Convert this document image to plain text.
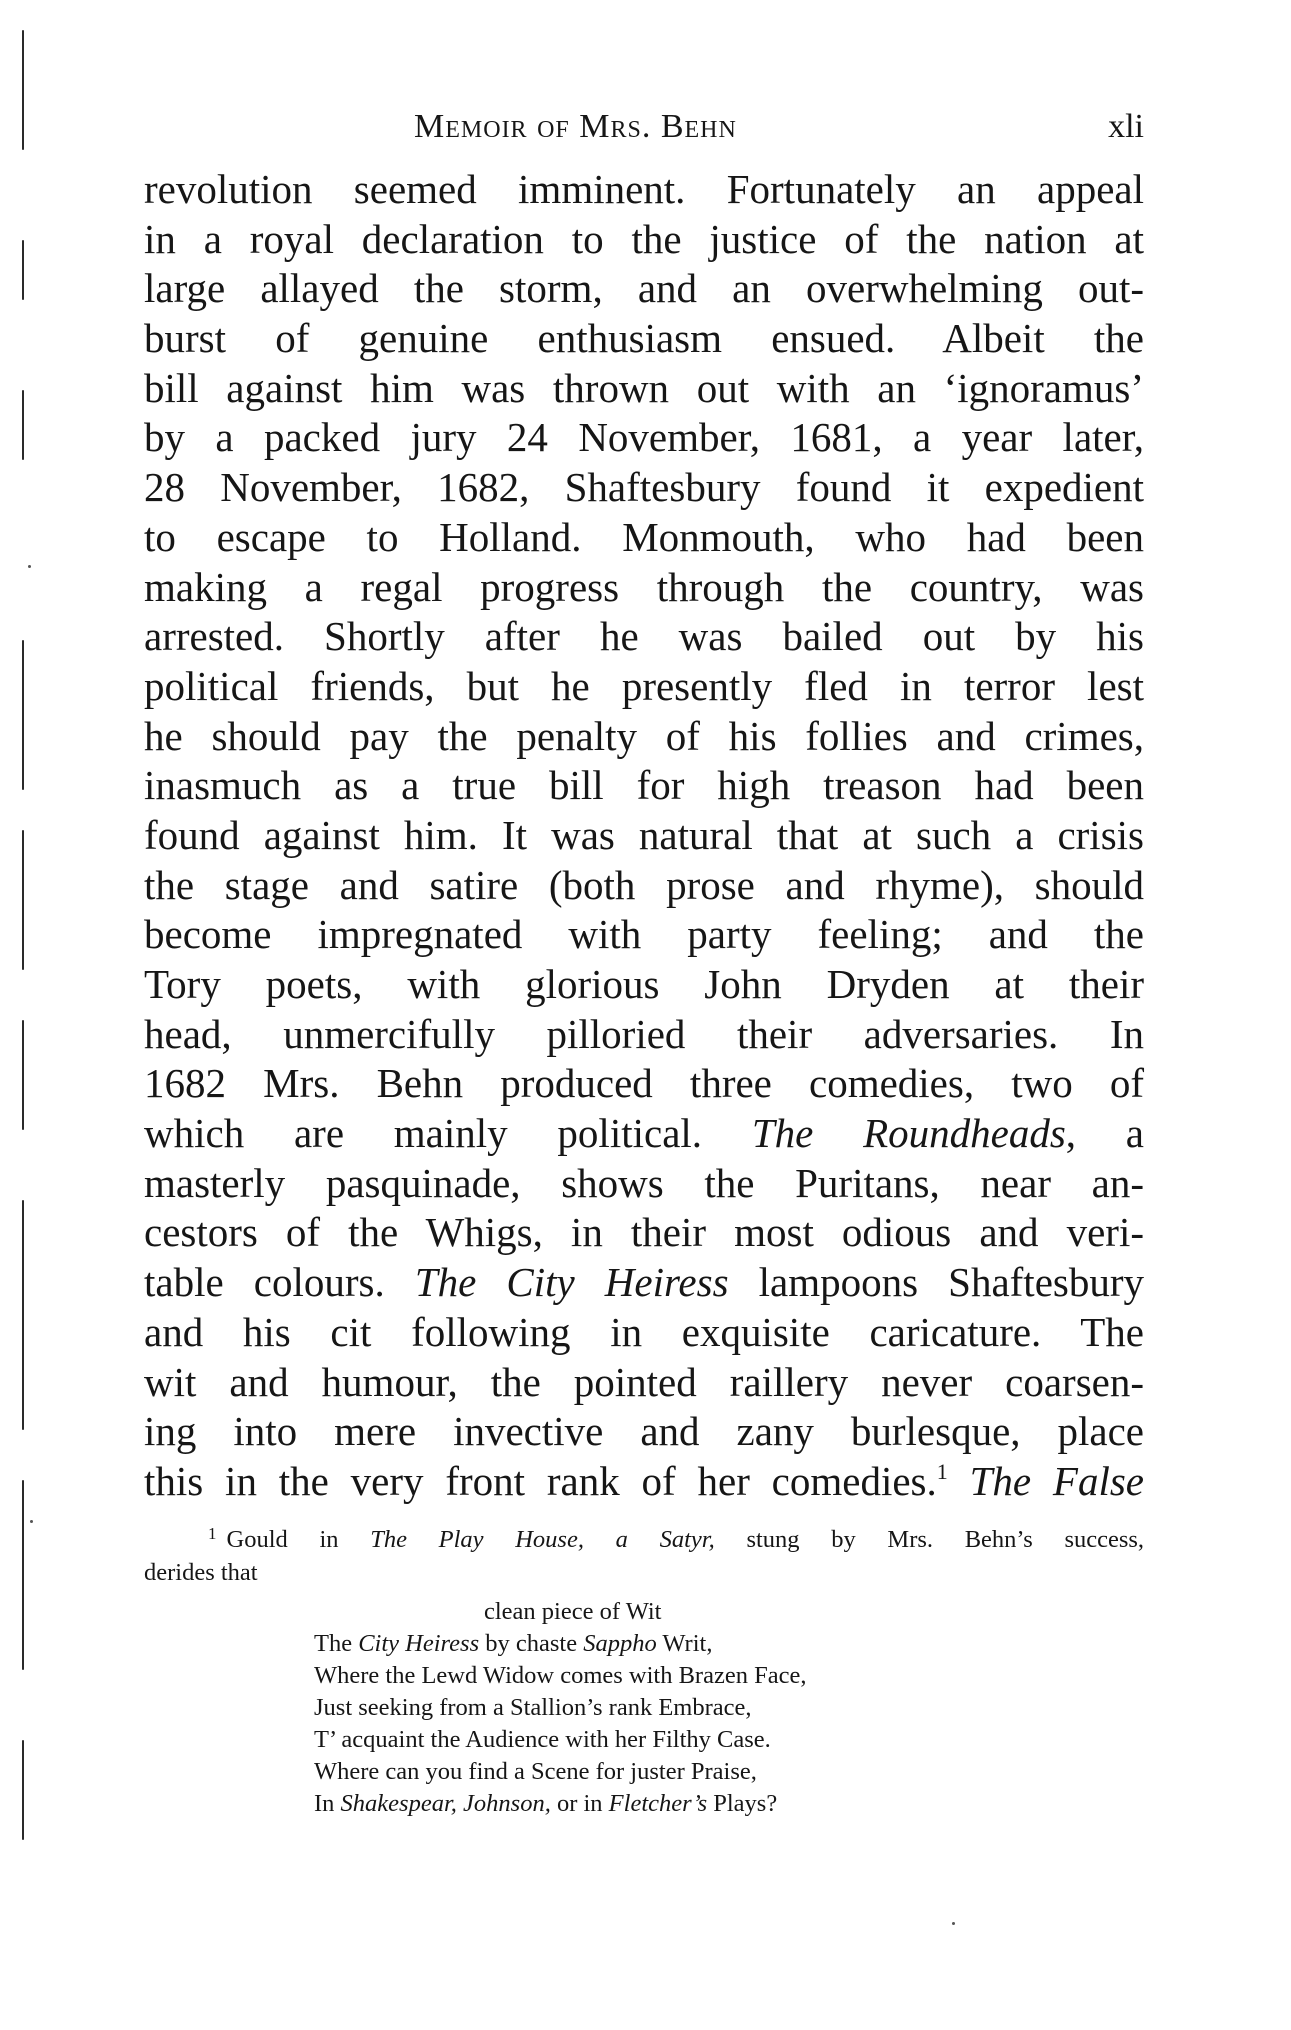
Memoir of Mrs. Behn	xli
revolution seemed imminent. Fortunately an appeal
in a royal declaration to the justice of the nation at
large allayed the storm, and an overwhelming out-
burst of genuine enthusiasm ensued. Albeit the
bill against him was thrown out with an ‘ignoramus’
by a packed jury 24 November, 1681, a year later,
28 November, 1682, Shaftesbury found it expedient
to escape to Holland. Monmouth, who had been
making a regal progress through the country, was
arrested. Shortly after he was bailed out by his
political friends, but he presently fled in terror lest
he should pay the penalty of his follies and crimes,
inasmuch as a true bill for high treason had been
found against him. It was natural that at such a crisis
the stage and satire (both prose and rhyme), should
become impregnated with party feeling; and the
Tory poets, with glorious John Dryden at their
head, unmercifully pilloried their adversaries. In
1682 Mrs. Behn produced three comedies, two of
which are mainly political. The Roundheads, a
masterly pasquinade, shows the Puritans, near an-
cestors of the Whigs, in their most odious and veri-
table colours. The City Heiress lampoons Shaftesbury
and his cit following in exquisite caricature. The
wit and humour, the pointed raillery never coarsen-
ing into mere invective and zany burlesque, place
this in the very front rank of her comedies.$^1$ The False
$^1$ Gould in The Play House, a Satyr, stung by Mrs. Behn’s success,
derides that
clean piece of Wit
The City Heiress by chaste Sappho Writ,
Where the Lewd Widow comes with Brazen Face,
Just seeking from a Stallion’s rank Embrace,
T’ acquaint the Audience with her Filthy Case.
Where can you find a Scene for juster Praise,
In Shakespear, Johnson, or in Fletcher’s Plays?
